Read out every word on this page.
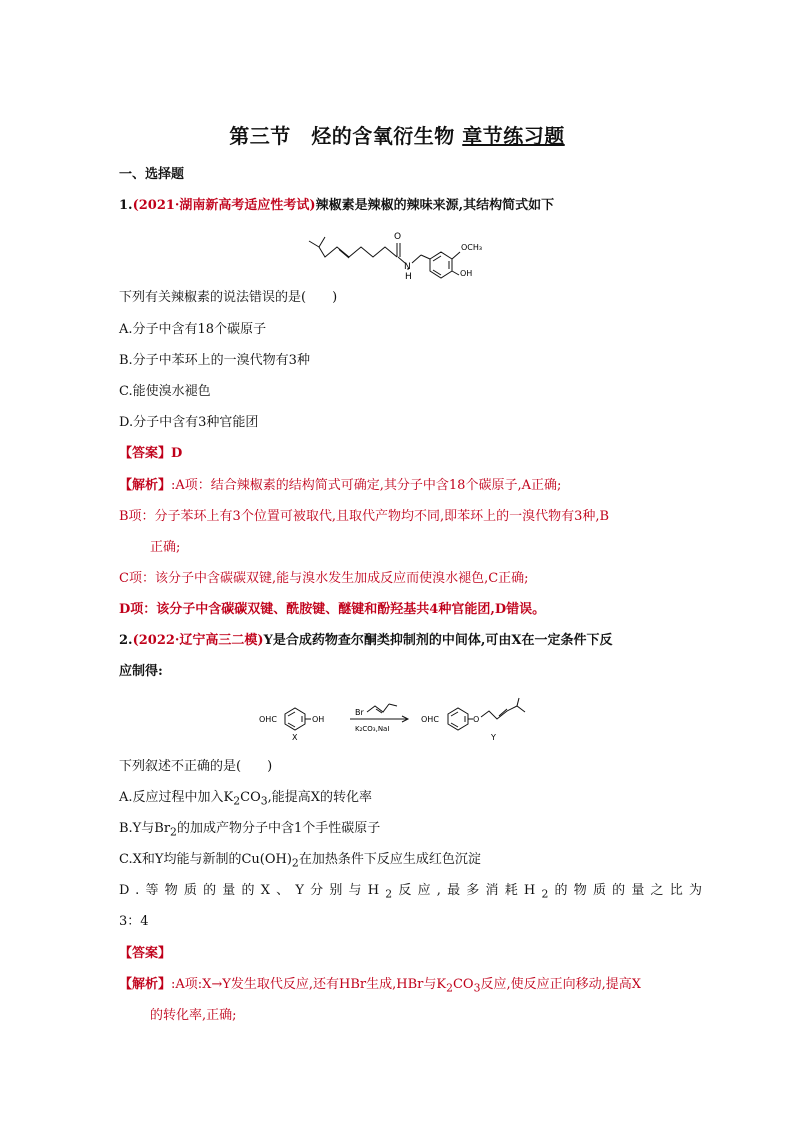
第三节　烃的含氧衍生物 章节练习题
一、选择题
1.(2021·湖南新高考适应性考试)辣椒素是辣椒的辣味来源,其结构简式如下
O
N
H
OCH₃
OH
下列有关辣椒素的说法错误的是(　　)
A.分子中含有18个碳原子
B.分子中苯环上的一溴代物有3种
C.能使溴水褪色
D.分子中含有3种官能团
【答案】D
【解析】:A项：结合辣椒素的结构简式可确定,其分子中含18个碳原子,A正确;
B项：分子苯环上有3个位置可被取代,且取代产物均不同,即苯环上的一溴代物有3种,B
正确;
C项：该分子中含碳碳双键,能与溴水发生加成反应而使溴水褪色,C正确;
D项：该分子中含碳碳双键、酰胺键、醚键和酚羟基共4种官能团,D错误。
2.(2022·辽宁高三二模)Y是合成药物查尔酮类抑制剂的中间体,可由X在一定条件下反
应制得:
OHC	OH
X
Br
K₂CO₃,NaI
OHC	O
Y
下列叙述不正确的是(　　)
A.反应过程中加入$K_2CO_3$,能提高X的转化率
B.Y与$Br_2$的加成产物分子中含1个手性碳原子
C.X和Y均能与新制的$Cu(OH)_2$在加热条件下反应生成红色沉淀
D.等物质的量的X、Y分别与$H_2$反应,最多消耗$H_2$的物质的量之比为
3：4
【答案】
【解析】:A项:X→Y发生取代反应,还有HBr生成,HBr与$K_2CO_3$反应,使反应正向移动,提高X
的转化率,正确;
